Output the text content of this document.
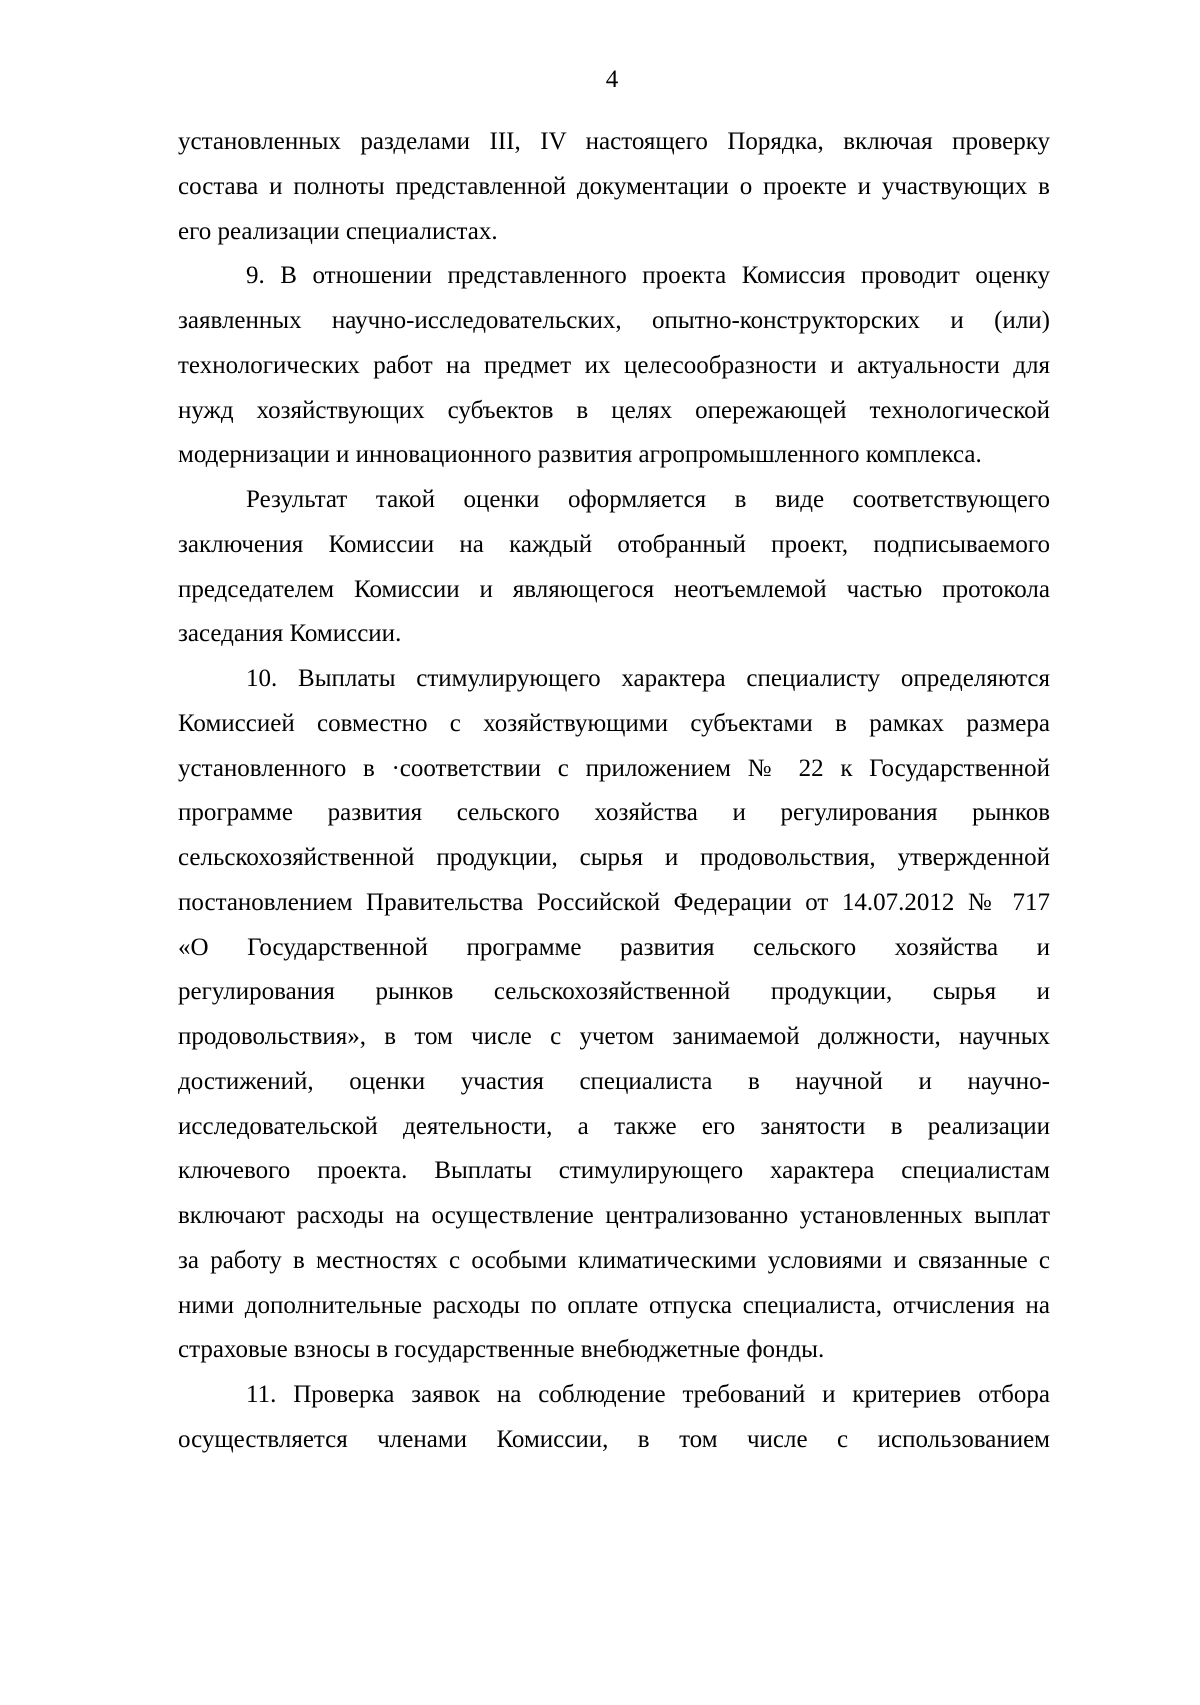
4
установленных разделами III, IV настоящего Порядка, включая проверку
состава и полноты представленной документации о проекте и участвующих в
его реализации специалистах.
9. В отношении представленного проекта Комиссия проводит оценку
заявленных научно-исследовательских, опытно-конструкторских и (или)
технологических работ на предмет их целесообразности и актуальности для
нужд хозяйствующих субъектов в целях опережающей технологической
модернизации и инновационного развития агропромышленного комплекса.
Результат такой оценки оформляется в виде соответствующего
заключения Комиссии на каждый отобранный проект, подписываемого
председателем Комиссии и являющегося неотъемлемой частью протокола
заседания Комиссии.
10. Выплаты стимулирующего характера специалисту определяются
Комиссией совместно с хозяйствующими субъектами в рамках размера
установленного в ·соответствии с приложением № 22 к Государственной
программе развития сельского хозяйства и регулирования рынков
сельскохозяйственной продукции, сырья и продовольствия, утвержденной
постановлением Правительства Российской Федерации от 14.07.2012 № 717
«О Государственной программе развития сельского хозяйства и
регулирования рынков сельскохозяйственной продукции, сырья и
продовольствия», в том числе с учетом занимаемой должности, научных
достижений, оценки участия специалиста в научной и научно-
исследовательской деятельности, а также его занятости в реализации
ключевого проекта. Выплаты стимулирующего характера специалистам
включают расходы на осуществление централизованно установленных выплат
за работу в местностях с особыми климатическими условиями и связанные с
ними дополнительные расходы по оплате отпуска специалиста, отчисления на
страховые взносы в государственные внебюджетные фонды.
11. Проверка заявок на соблюдение требований и критериев отбора
осуществляется членами Комиссии, в том числе с использованием
